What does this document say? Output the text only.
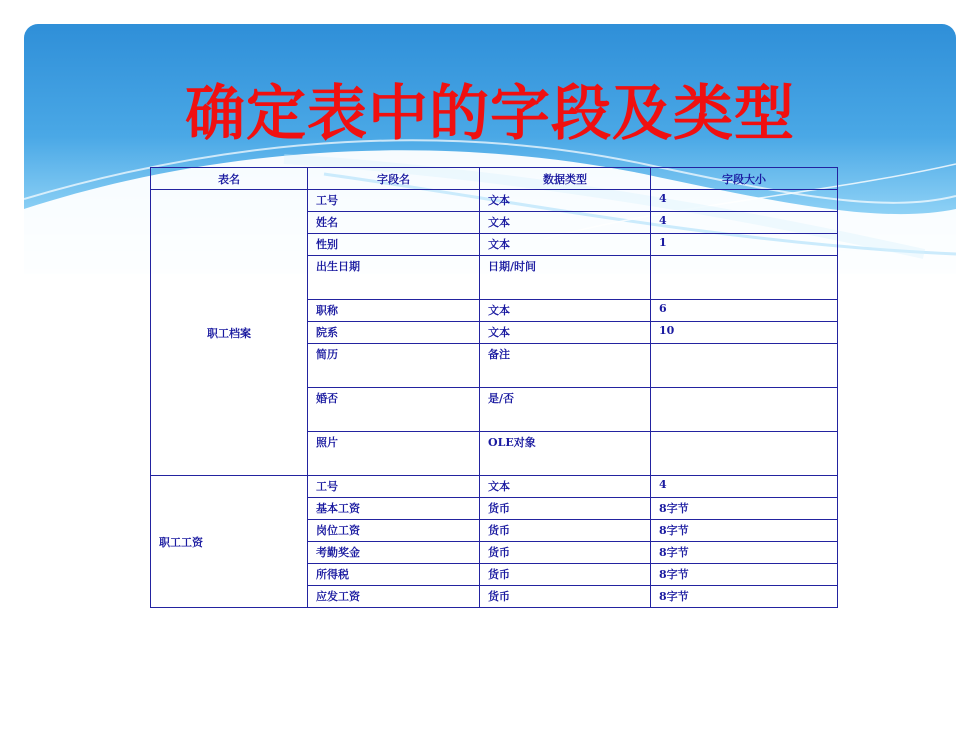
确定表中的字段及类型
表名	字段名	数据类型	字段大小
职工档案	工号	文本	4
	姓名	文本	4
	性别	文本	1
	出生日期	日期/时间	
	职称	文本	6
	院系	文本	10
	简历	备注	
	婚否	是/否	
	照片	OLE对象	
职工工资	工号	文本	4
	基本工资	货币	8字节
	岗位工资	货币	8字节
	考勤奖金	货币	8字节
	所得税	货币	8字节
	应发工资	货币	8字节
